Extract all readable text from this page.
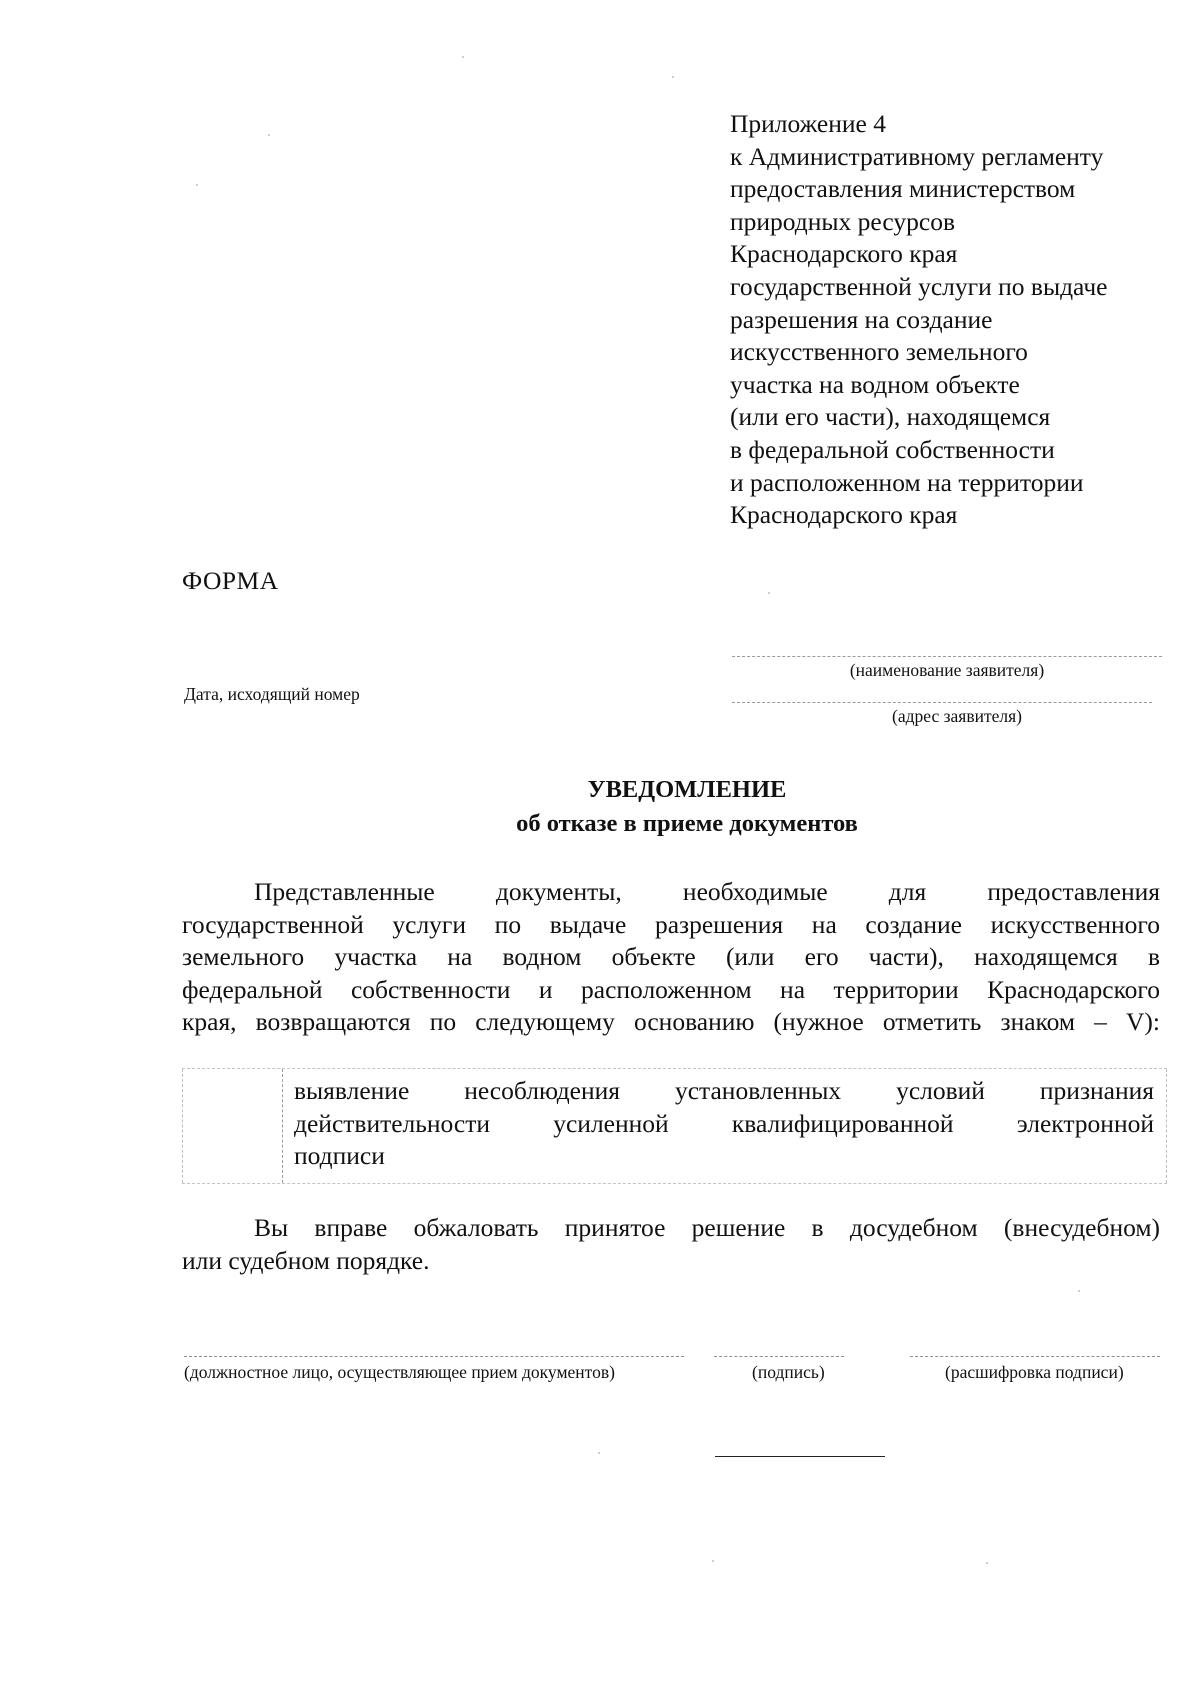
Приложение 4
к Административному регламенту
предоставления министерством
природных ресурсов
Краснодарского края
государственной услуги по выдаче
разрешения на создание
искусственного земельного
участка на водном объекте
(или его части), находящемся
в федеральной собственности
и расположенном на территории
Краснодарского края
ФОРМА
(наименование заявителя)
Дата, исходящий номер
(адрес заявителя)
УВЕДОМЛЕНИЕ
об отказе в приеме документов
Представленные документы, необходимые для предоставления
государственной услуги по выдаче разрешения на создание искусственного
земельного участка на водном объекте (или его части), находящемся в
федеральной собственности и расположенном на территории Краснодарского
края, возвращаются по следующему основанию (нужное отметить знаком – V):
выявление несоблюдения установленных условий признания
действительности усиленной квалифицированной электронной
подписи
Вы вправе обжаловать принятое решение в досудебном (внесудебном)
или судебном порядке.
(должностное лицо, осуществляющее прием документов)	(подпись)	(расшифровка подписи)
